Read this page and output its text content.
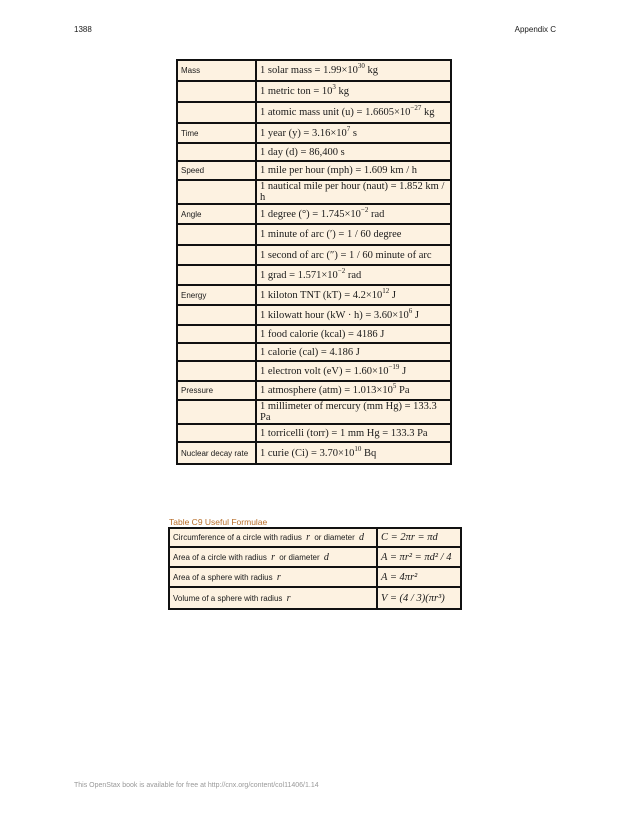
1388	Appendix C
Mass	1 solar mass = $1.99\times 10^{30}$ kg
	1 metric ton = $10^3$ kg
	1 atomic mass unit $(u) = 1.6605\times 10^{-27}$ kg
Time	1 year $(y) = 3.16\times 10^7$ s
	1 day (d) = 86,400 s
Speed	1 mile per hour (mph) = 1.609 km / h
	1 nautical mile per hour (naut) = 1.852 km / h
Angle	1 degree (°) = $1.745\times 10^{-2}$ rad
	1 minute of arc (′) = 1 / 60 degree
	1 second of arc (″) = 1 / 60 minute of arc
	1 grad = $1.571\times 10^{-2}$ rad
Energy	1 kiloton TNT $(kT) = 4.2\times 10^{12}$ J
	1 kilowatt hour $(kW \cdot h) = 3.60\times 10^6$ J
	1 food calorie (kcal) = 4186 J
	1 calorie (cal) = 4.186 J
	1 electron volt $(eV) = 1.60\times 10^{-19}$ J
Pressure	1 atmosphere $(atm) = 1.013\times 10^5$ Pa
	1 millimeter of mercury (mm Hg) = 133.3 Pa
	1 torricelli (torr) = 1 mm Hg = 133.3 Pa
Nuclear decay rate	1 curie $(Ci) = 3.70\times 10^{10}$ Bq
Table C9 Useful Formulae
Circumference of a circle with radius r or diameter d	C = 2πr = πd
Area of a circle with radius r or diameter d	A = πr² = πd² / 4
Area of a sphere with radius r	A = 4πr²
Volume of a sphere with radius r	V = (4 / 3)(πr³)
This OpenStax book is available for free at http://cnx.org/content/col11406/1.14
